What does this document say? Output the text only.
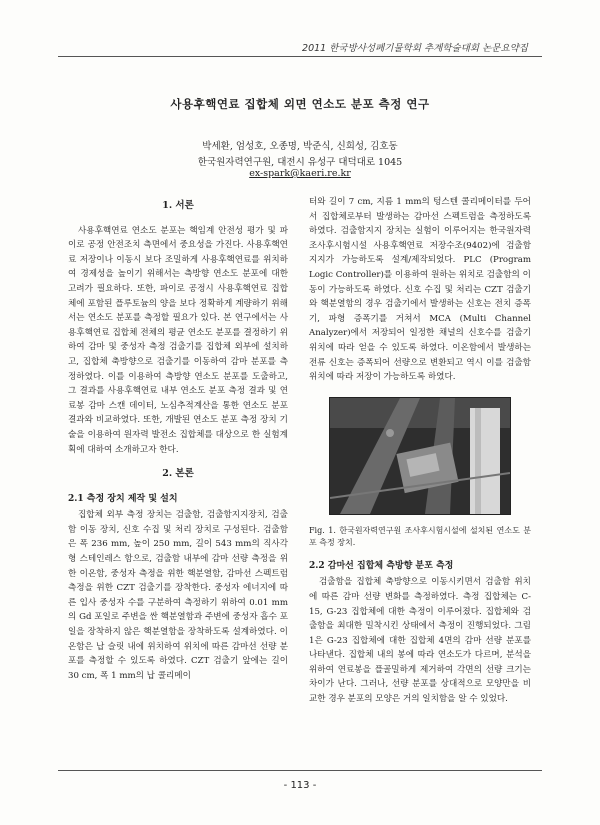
2011 한국방사성폐기물학회 추계학술대회 논문요약집
사용후핵연료 집합체 외면 연소도 분포 측정 연구
박세환, 엄성호, 오종명, 박준식, 신희성, 김호동
한국원자력연구원, 대전시 유성구 대덕대로 1045
ex-spark@kaeri.re.kr
1. 서론

사용후핵연료 연소도 분포는 핵임계 안전성 평가 및 파이로 공정 안전조치 측면에서 중요성을 가진다. 사용후핵연료 저장이나 이동시 보다 조밀하게 사용후핵연료를 위치하여 경제성을 높이기 위해서는 측방향 연소도 분포에 대한 고려가 필요하다. 또한, 파이로 공정시 사용후핵연료 집합체에 포함된 플루토늄의 양을 보다 정확하게 계량하기 위해서는 연소도 분포를 측정할 필요가 있다. 본 연구에서는 사용후핵연료 집합체 전체의 평균 연소도 분포를 결정하기 위하여 감마 및 중성자 측정 검출기를 집합체 외부에 설치하고, 집합체 축방향으로 검출기를 이동하여 감마 분포를 측정하였다. 이를 이용하여 측방향 연소도 분포를 도출하고, 그 결과를 사용후핵연료 내부 연소도 분포 측정 결과 및 연료봉 감마 스캔 데이터, 노심추적계산을 통한 연소도 분포 결과와 비교하였다. 또한, 개발된 연소도 분포 측정 장치 기술을 이용하여 원자력 발전소 집합체를 대상으로 한 실험계획에 대하여 소개하고자 한다.

2. 본론
2.1 측정 장치 제작 및 설치

집합체 외부 측정 장치는 검출함, 검출함지지장치, 검출함 이동 장치, 신호 수집 및 처리 장치로 구성된다. 검출함은 폭 236 mm, 높이 250 mm, 길이 543 mm의 직사각형 스테인레스 함으로, 검출함 내부에 감마 선량 측정을 위한 이온함, 중성자 측정을 위한 핵분열함, 감마선 스펙트럼 측정을 위한 CZT 검출기를 장착한다. 중성자 에너지에 따른 입사 중성자 수를 구분하여 측정하기 위하여 0.01 mm의 Gd 포일로 주변을 싼 핵분열함과 주변에 중성자 흡수 포일을 장착하지 않은 핵분열함을 장착하도록 설계하였다. 이온함은 납 슬릿 내에 위치하여 위치에 따른 감마선 선량 분포를 측정할 수 있도록 하였다. CZT 검출기 앞에는 길이 30 cm, 폭 1 mm의 납 콜리메이

터와 길이 7 cm, 지름 1 mm의 텅스텐 콜리메이터를 두어서 집합체로부터 발생하는 감마선 스펙트럼을 측정하도록 하였다. 검출함지지 장치는 실험이 이루어지는 한국원자력 조사후시험시설 사용후핵연료 저장수조(9402)에 검출함 지지가 가능하도록 설계/제작되었다. PLC (Program Logic Controller)를 이용하여 원하는 위치로 검출함의 이동이 가능하도록 하였다. 신호 수집 및 처리는 CZT 검출기와 핵분열함의 경우 검출기에서 발생하는 신호는 전치 증폭기, 파형 증폭기를 거쳐서 MCA (Multi Channel Analyzer)에서 저장되어 일정한 채널의 신호수를 검출기 위치에 따라 얻을 수 있도록 하였다. 이온함에서 발생하는 전류 신호는 증폭되어 선량으로 변환되고 역시 이를 검출함 위치에 따라 저장이 가능하도록 하였다.

Fig. 1. 한국원자력연구원 조사후시험시설에 설치된 연소도 분포 측정 장치.
2.2 감마선 집합체 측방향 분포 측정

검출함을 집합체 축방향으로 이동시키면서 검출함 위치에 따른 감마 선량 변화를 측정하였다. 측정 집합체는 C-15, G-23 집합체에 대한 측정이 이루어졌다. 집합체와 검출함을 최대한 밀착시킨 상태에서 측정이 진행되었다. 그림 1은 G-23 집합체에 대한 집합체 4면의 감마 선량 분포를 나타낸다. 집합체 내의 봉에 따라 연소도가 다르며, 분석을 위하여 연료봉을 플골밀하게 제거하여 각면의 선량 크기는 차이가 난다. 그러나, 선량 분포를 상대적으로 모양만을 비교한 경우 분포의 모양은 거의 일치함을 알 수 있었다.

- 113 -
